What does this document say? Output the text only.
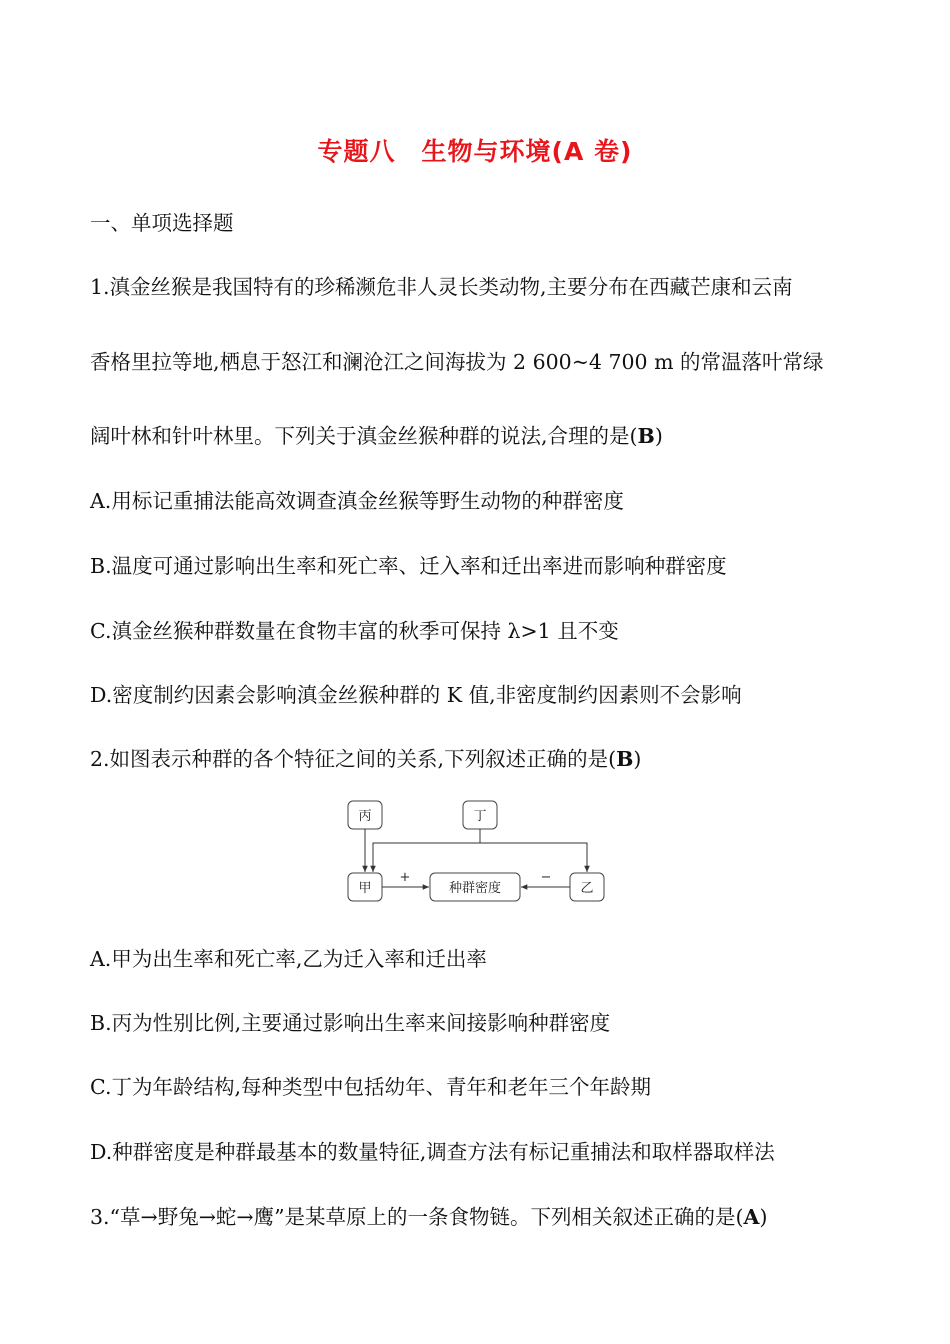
专题八　生物与环境(A 卷)
一、单项选择题
1.滇金丝猴是我国特有的珍稀濒危非人灵长类动物,主要分布在西藏芒康和云南
香格里拉等地,栖息于怒江和澜沧江之间海拔为 2 600~4 700 m 的常温落叶常绿
阔叶林和针叶林里。下列关于滇金丝猴种群的说法,合理的是(B)
A.用标记重捕法能高效调查滇金丝猴等野生动物的种群密度
B.温度可通过影响出生率和死亡率、迁入率和迁出率进而影响种群密度
C.滇金丝猴种群数量在食物丰富的秋季可保持 λ>1 且不变
D.密度制约因素会影响滇金丝猴种群的 K 值,非密度制约因素则不会影响
2.如图表示种群的各个特征之间的关系,下列叙述正确的是(B)
丙	丁
甲	种群密度	乙
+	−
A.甲为出生率和死亡率,乙为迁入率和迁出率
B.丙为性别比例,主要通过影响出生率来间接影响种群密度
C.丁为年龄结构,每种类型中包括幼年、青年和老年三个年龄期
D.种群密度是种群最基本的数量特征,调查方法有标记重捕法和取样器取样法
3.“草→野兔→蛇→鹰”是某草原上的一条食物链。下列相关叙述正确的是(A)
